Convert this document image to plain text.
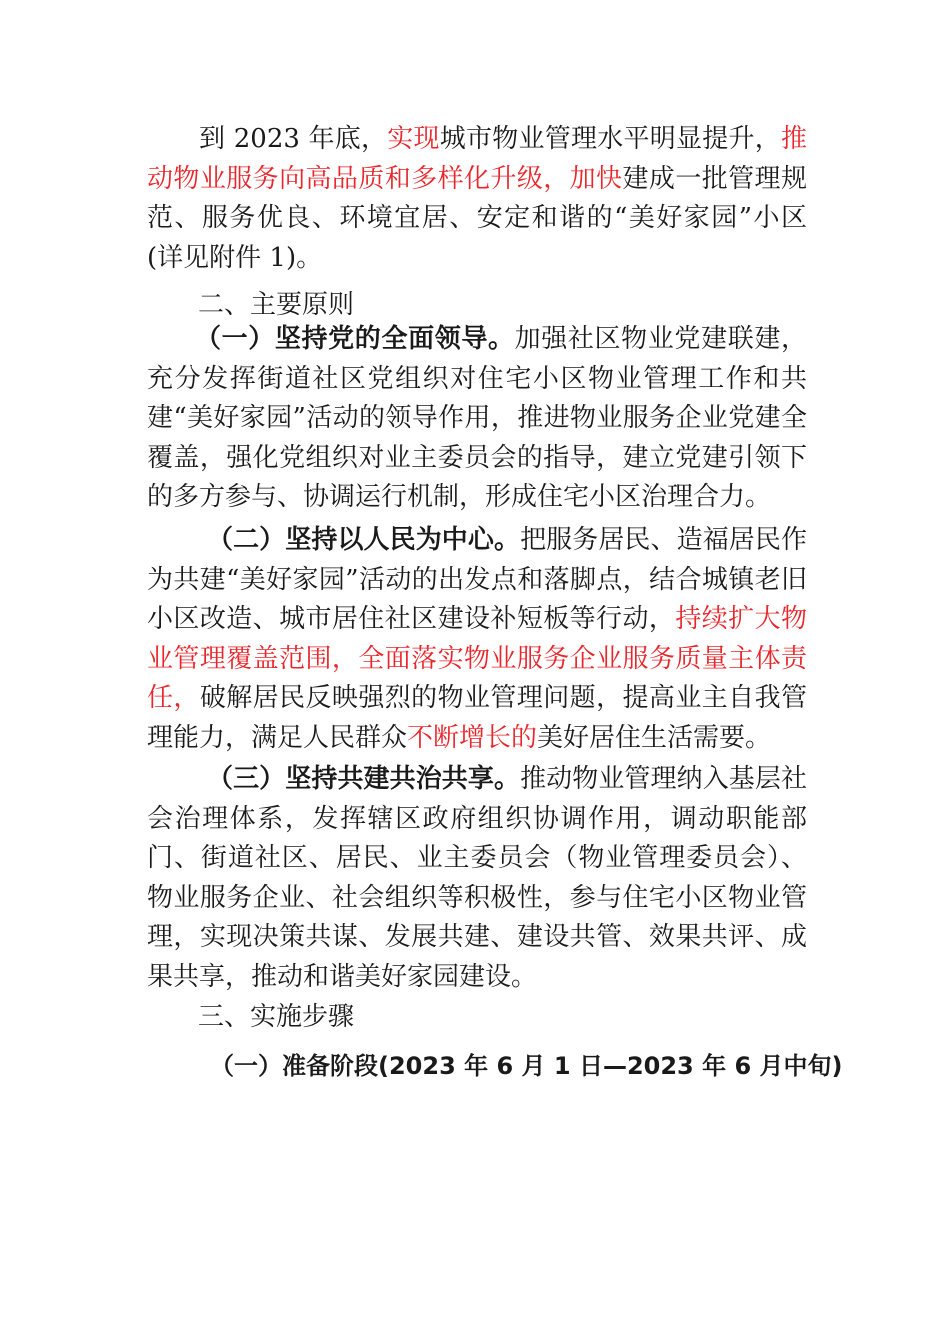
到 2023 年底，实现城市物业管理水平明显提升，推动物业服务向高品质和多样化升级，加快建成一批管理规范、服务优良、环境宜居、安定和谐的“美好家园”小区(详见附件 1)。

二、主要原则

（一）坚持党的全面领导。加强社区物业党建联建，充分发挥街道社区党组织对住宅小区物业管理工作和共建“美好家园”活动的领导作用，推进物业服务企业党建全覆盖，强化党组织对业主委员会的指导，建立党建引领下的多方参与、协调运行机制，形成住宅小区治理合力。

（二）坚持以人民为中心。把服务居民、造福居民作为共建“美好家园”活动的出发点和落脚点，结合城镇老旧小区改造、城市居住社区建设补短板等行动，持续扩大物业管理覆盖范围，全面落实物业服务企业服务质量主体责任，破解居民反映强烈的物业管理问题，提高业主自我管理能力，满足人民群众不断增长的美好居住生活需要。

（三）坚持共建共治共享。推动物业管理纳入基层社会治理体系，发挥辖区政府组织协调作用，调动职能部门、街道社区、居民、业主委员会（物业管理委员会）、物业服务企业、社会组织等积极性，参与住宅小区物业管理，实现决策共谋、发展共建、建设共管、效果共评、成果共享，推动和谐美好家园建设。

三、实施步骤

（一）准备阶段(2023 年 6 月 1 日—2023 年 6 月中旬)
